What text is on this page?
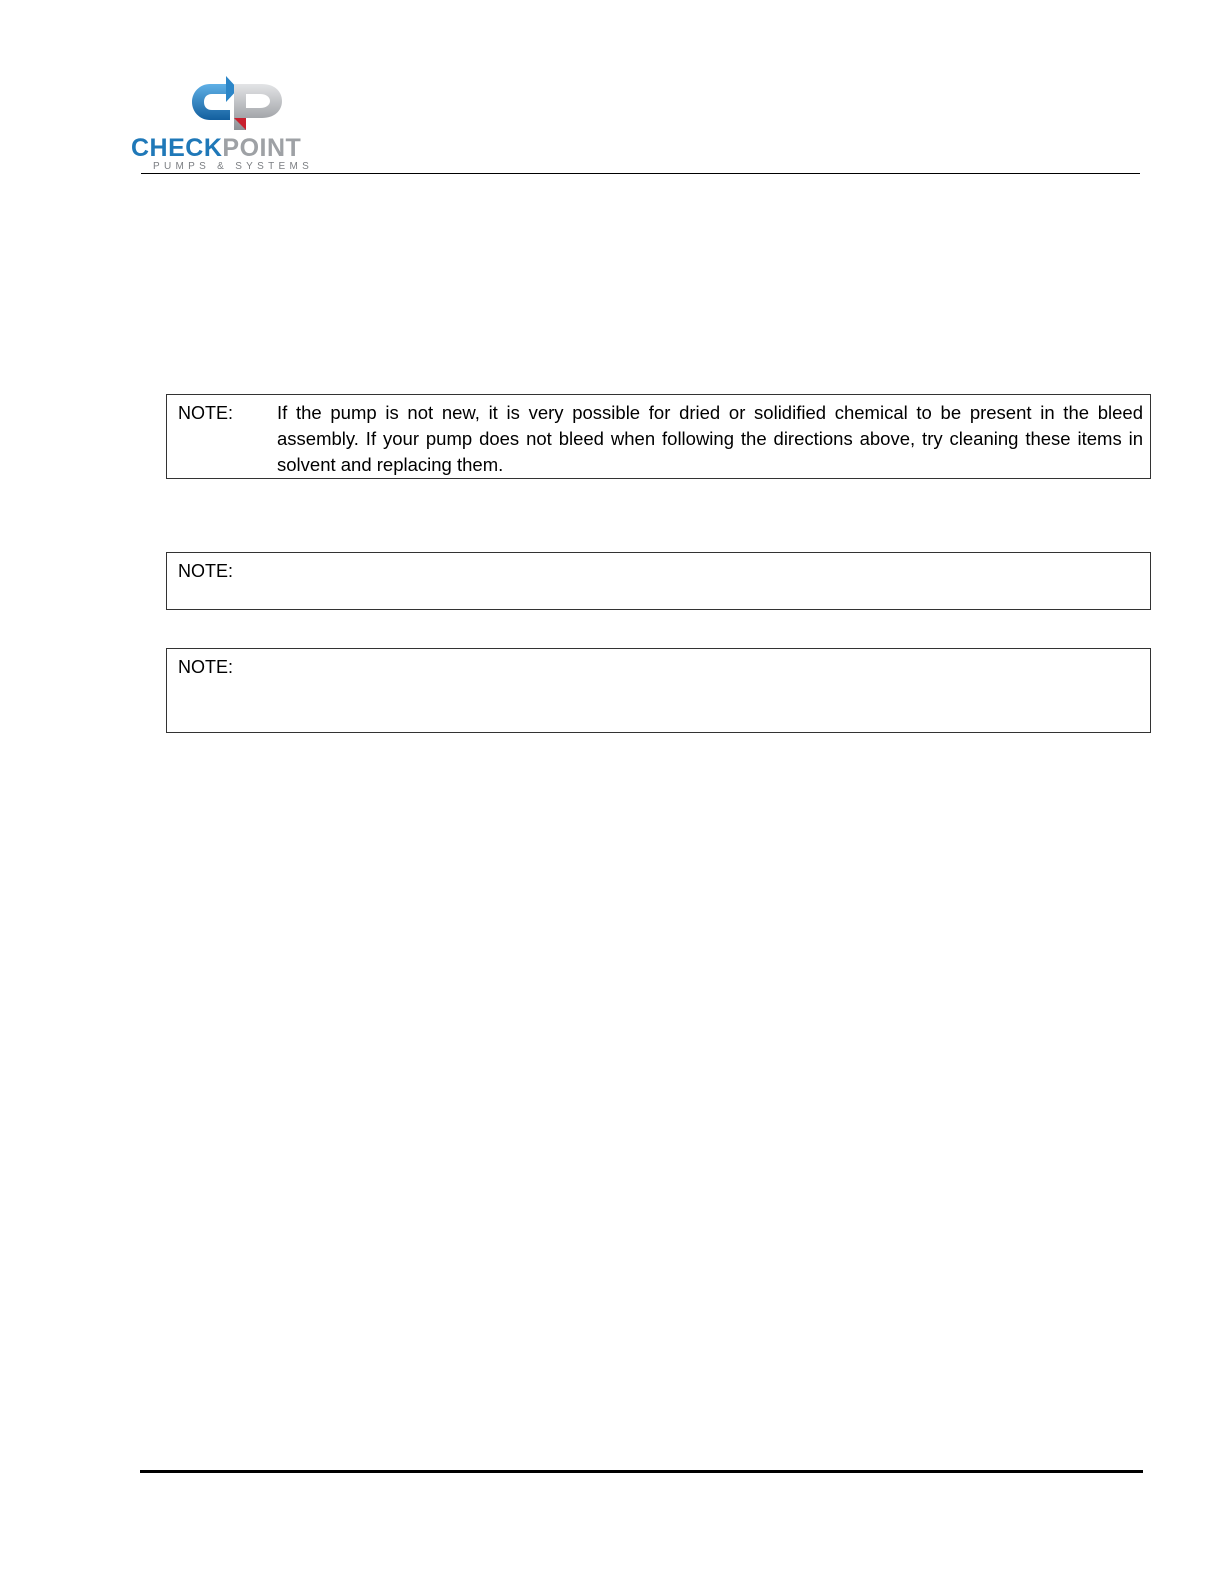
CHECKPOINT
PUMPS & SYSTEMS
NOTE: If the pump is not new, it is very possible for dried or solidified chemical to be present in the bleed assembly. If your pump does not bleed when following the directions above, try cleaning these items in solvent and replacing them.
NOTE:
NOTE:
